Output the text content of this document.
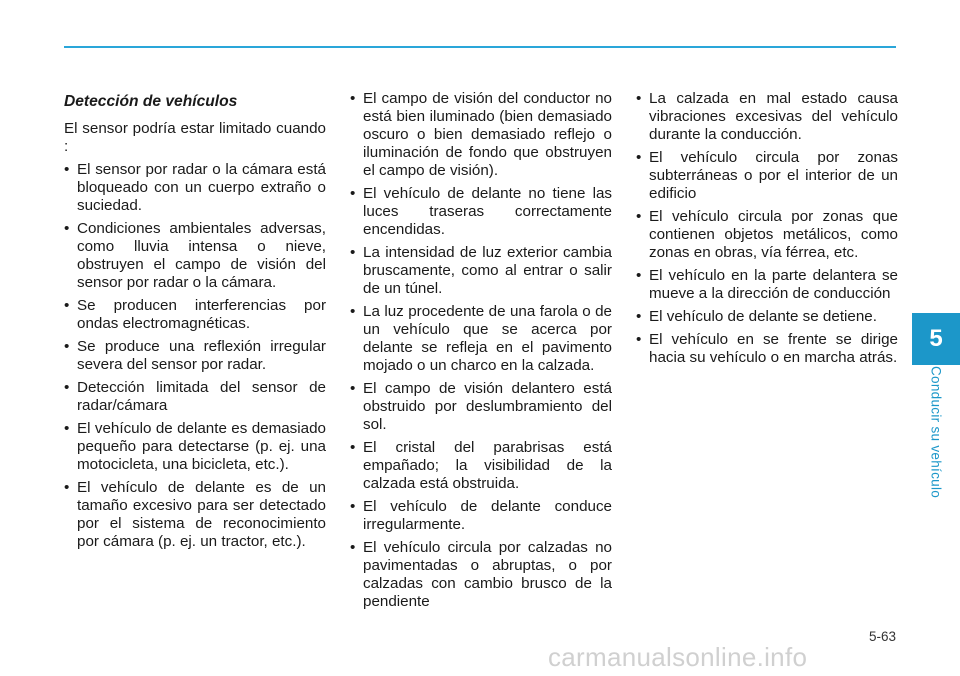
Detección de vehículos
El sensor podría estar limitado cuando :
• El sensor por radar o la cámara está bloqueado con un cuerpo extraño o suciedad.
• Condiciones ambientales adversas, como lluvia intensa o nieve, obstruyen el campo de visión del sensor por radar o la cámara.
• Se producen interferencias por ondas electromagnéticas.
• Se produce una reflexión irregular severa del sensor por radar.
• Detección limitada del sensor de radar/cámara
• El vehículo de delante es demasiado pequeño para detectarse (p. ej. una motocicleta, una bicicleta, etc.).
• El vehículo de delante es de un tamaño excesivo para ser detectado por el sistema de reconocimiento por cámara (p. ej. un tractor, etc.).
• El campo de visión del conductor no está bien iluminado (bien demasiado oscuro o bien demasiado reflejo o iluminación de fondo que obstruyen el campo de visión).
• El vehículo de delante no tiene las luces traseras correctamente encendidas.
• La intensidad de luz exterior cambia bruscamente, como al entrar o salir de un túnel.
• La luz procedente de una farola o de un vehículo que se acerca por delante se refleja en el pavimento mojado o un charco en la calzada.
• El campo de visión delantero está obstruido por deslumbramiento del sol.
• El cristal del parabrisas está empañado; la visibilidad de la calzada está obstruida.
• El vehículo de delante conduce irregularmente.
• El vehículo circula por calzadas no pavimentadas o abruptas, o por calzadas con cambio brusco de la pendiente
• La calzada en mal estado causa vibraciones excesivas del vehículo durante la conducción.
• El vehículo circula por zonas subterráneas o por el interior de un edificio
• El vehículo circula por zonas que contienen objetos metálicos, como zonas en obras, vía férrea, etc.
• El vehículo en la parte delantera se mueve a la dirección de conducción
• El vehículo de delante se detiene.
• El vehículo en se frente se dirige hacia su vehículo o en marcha atrás.
5
Conducir su vehículo
5-63
carmanualsonline.info
